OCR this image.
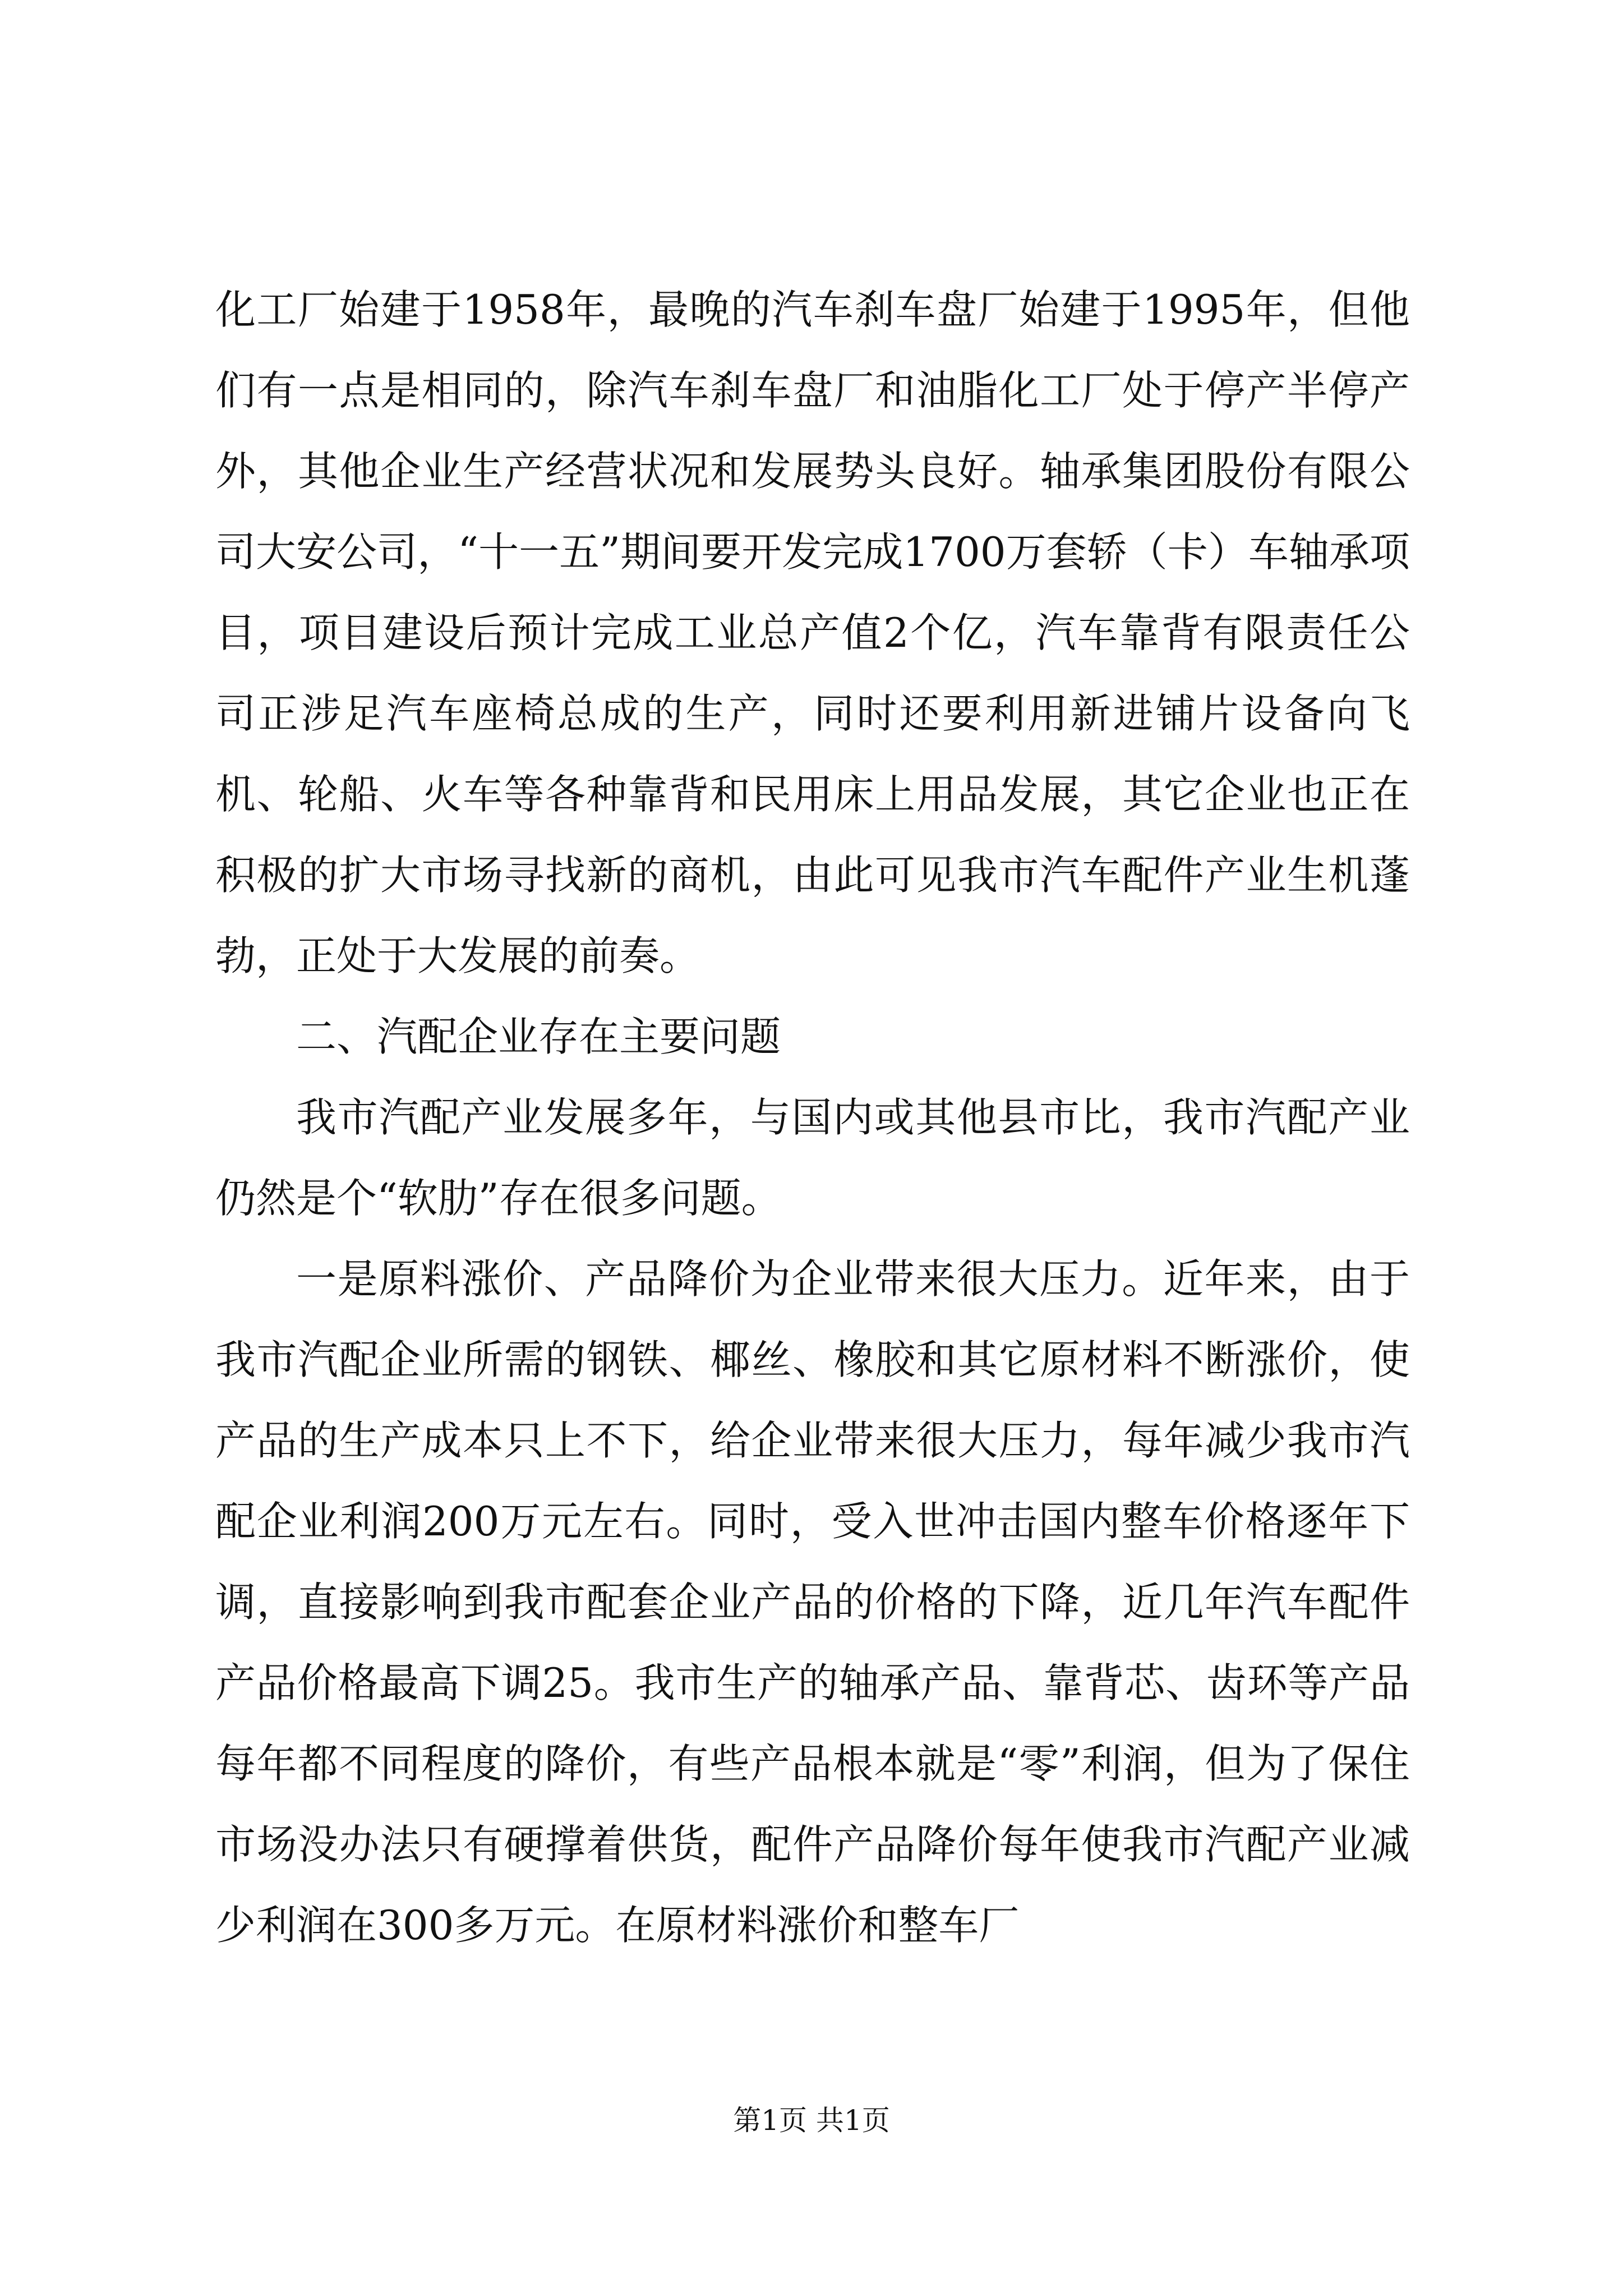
化工厂始建于1958年，最晚的汽车刹车盘厂始建于1995年，但他们有一点是相同的，除汽车刹车盘厂和油脂化工厂处于停产半停产外，其他企业生产经营状况和发展势头良好。轴承集团股份有限公司大安公司，“十一五”期间要开发完成1700万套轿（卡）车轴承项目，项目建设后预计完成工业总产值2个亿，汽车靠背有限责任公司正涉足汽车座椅总成的生产，同时还要利用新进铺片设备向飞机、轮船、火车等各种靠背和民用床上用品发展，其它企业也正在积极的扩大市场寻找新的商机，由此可见我市汽车配件产业生机蓬勃，正处于大发展的前奏。

二、汽配企业存在主要问题

我市汽配产业发展多年，与国内或其他县市比，我市汽配产业仍然是个“软肋”存在很多问题。

一是原料涨价、产品降价为企业带来很大压力。近年来，由于我市汽配企业所需的钢铁、椰丝、橡胶和其它原材料不断涨价，使产品的生产成本只上不下，给企业带来很大压力，每年减少我市汽配企业利润200万元左右。同时，受入世冲击国内整车价格逐年下调，直接影响到我市配套企业产品的价格的下降，近几年汽车配件产品价格最高下调25。我市生产的轴承产品、靠背芯、齿环等产品每年都不同程度的降价，有些产品根本就是“零”利润，但为了保住市场没办法只有硬撑着供货，配件产品降价每年使我市汽配产业减少利润在300多万元。在原材料涨价和整车厂

第1页 共1页
